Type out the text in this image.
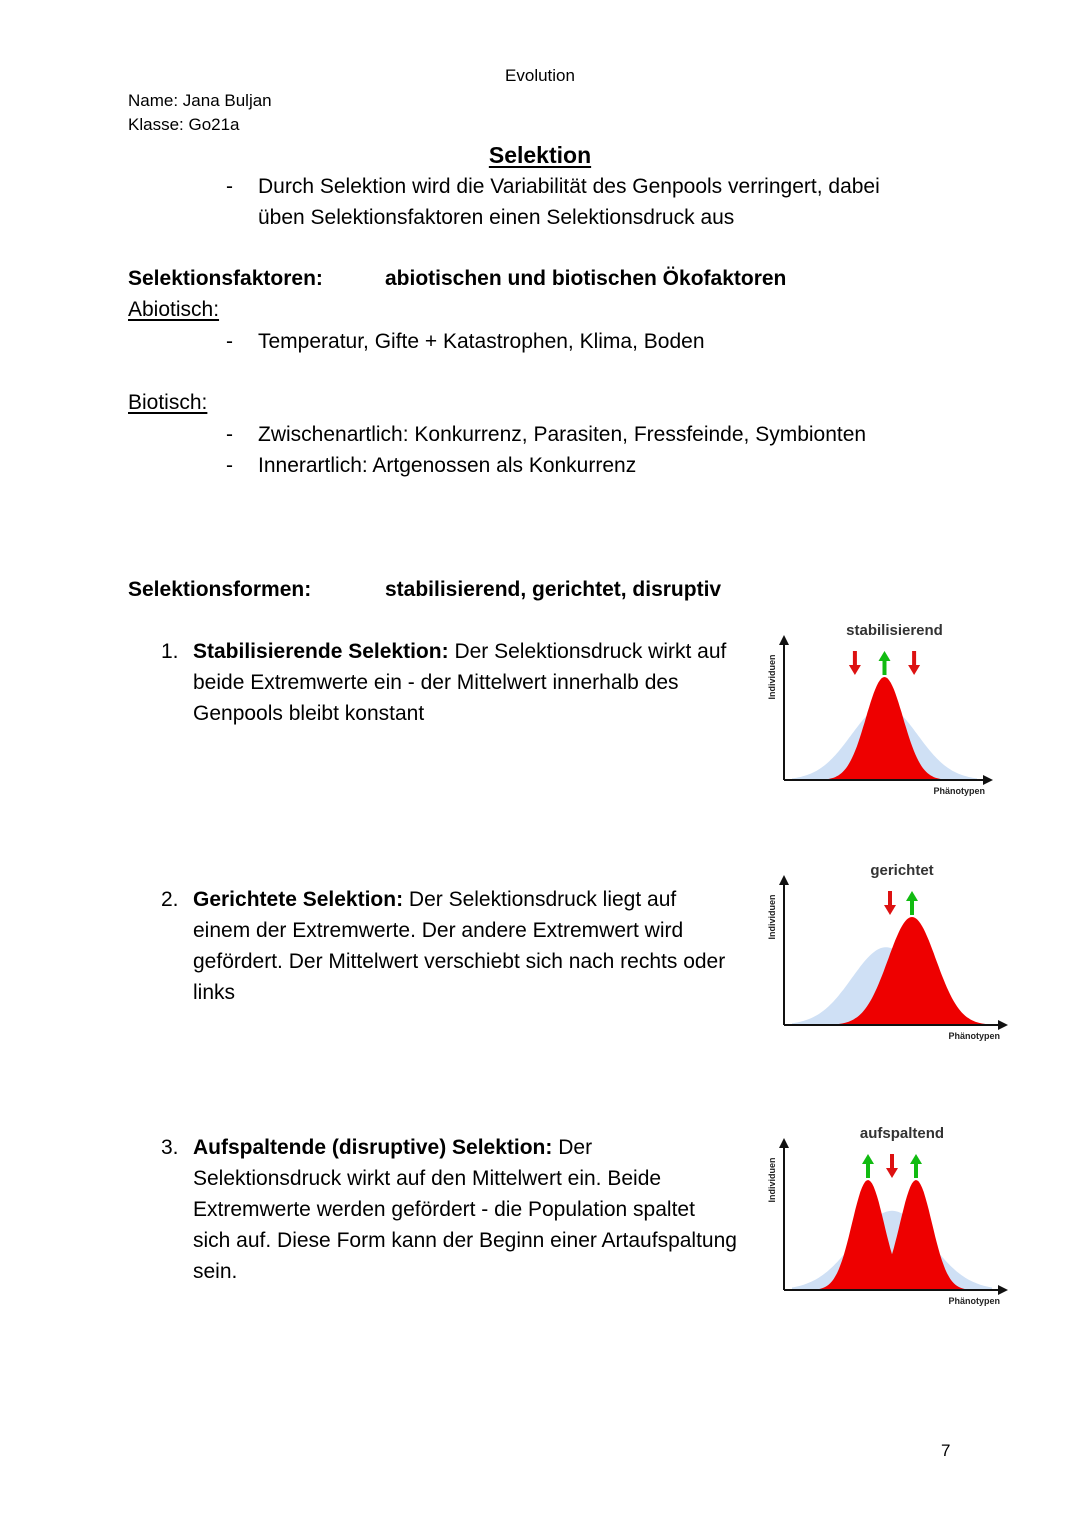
Evolution
Name: Jana Buljan
Klasse: Go21a
Selektion
- Durch Selektion wird die Variabilität des Genpools verringert, dabei
üben Selektionsfaktoren einen Selektionsdruck aus
Selektionsfaktoren:	abiotischen und biotischen Ökofaktoren
Abiotisch:
- Temperatur, Gifte + Katastrophen, Klima, Boden
Biotisch:
- Zwischenartlich: Konkurrenz, Parasiten, Fressfeinde, Symbionten
- Innerartlich: Artgenossen als Konkurrenz
Selektionsformen:	stabilisierend, gerichtet, disruptiv
1. Stabilisierende Selektion: Der Selektionsdruck wirkt auf beide Extremwerte ein - der Mittelwert innerhalb des Genpools bleibt konstant
2. Gerichtete Selektion: Der Selektionsdruck liegt auf einem der Extremwerte. Der andere Extremwert wird gefördert. Der Mittelwert verschiebt sich nach rechts oder links
3. Aufspaltende (disruptive) Selektion: Der Selektionsdruck wirkt auf den Mittelwert ein. Beide Extremwerte werden gefördert - die Population spaltet sich auf. Diese Form kann der Beginn einer Artaufspaltung sein.
stabilisierend
Phänotypen
Individuen
gerichtet
Phänotypen
Individuen
aufspaltend
Phänotypen
Individuen
7
